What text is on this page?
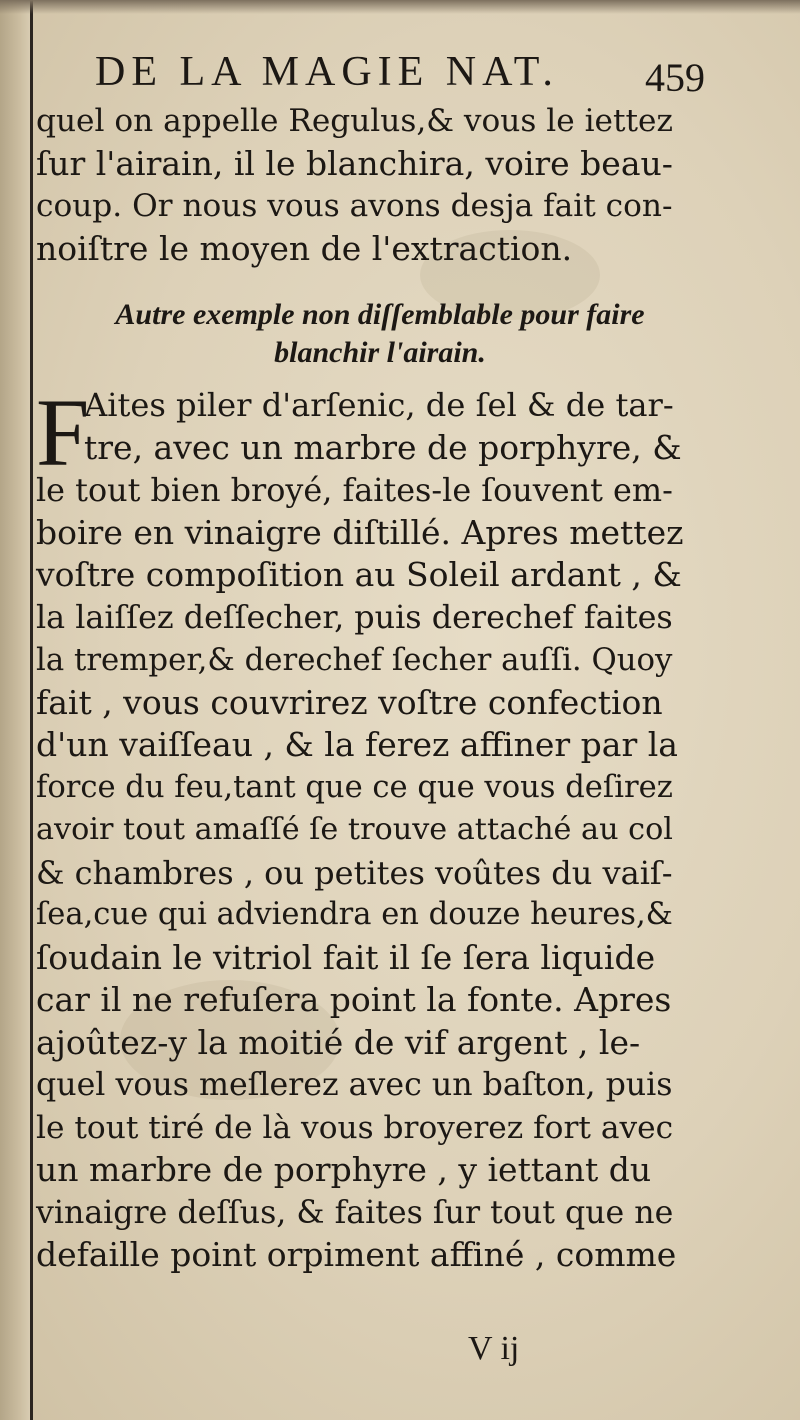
DE LA MAGIE NAT. 459
quel on appelle Regulus,& vous le iettez
ſur l'airain, il le blanchira, voire beau-
coup. Or nous vous avons desja fait con-
noiſtre le moyen de l'extraction.
Autre exemple non diſſemblable pour faire
blanchir l'airain.
F
Aites piler d'arſenic, de ſel & de tar-
tre, avec un marbre de porphyre, &
le tout bien broyé, faites-le ſouvent em-
boire en vinaigre diſtillé. Apres mettez
voſtre compoſition au Soleil ardant , &
la laiſſez deſſecher, puis derechef faites
la tremper,& derechef ſecher auſſi. Quoy
fait , vous couvrirez voſtre confection
d'un vaiſſeau , & la ferez affiner par la
force du feu,tant que ce que vous deſirez
avoir tout amaſſé ſe trouve attaché au col
& chambres , ou petites voûtes du vaiſ-
ſea,cue qui adviendra en douze heures,&
ſoudain le vitriol fait il ſe ſera liquide
car il ne refuſera point la fonte. Apres
ajoûtez-y la moitié de vif argent , le-
quel vous meſlerez avec un baſton, puis
le tout tiré de là vous broyerez fort avec
un marbre de porphyre , y iettant du
vinaigre deſſus, & faites ſur tout que ne
defaille point orpiment affiné , comme
V ij
